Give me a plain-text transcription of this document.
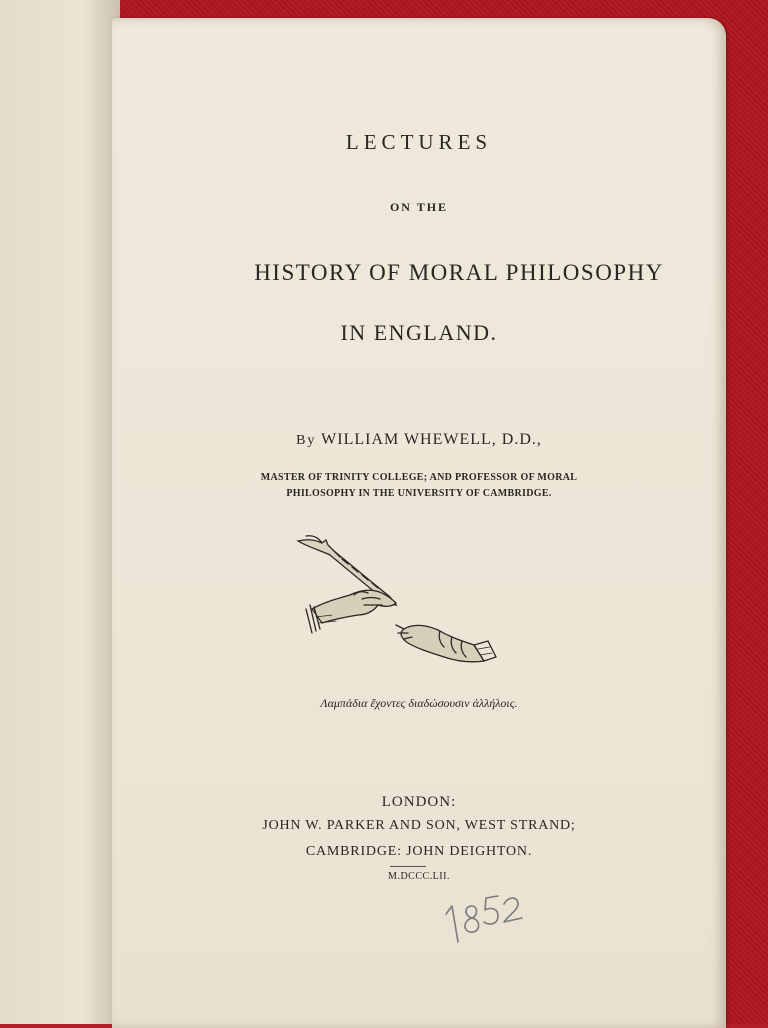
LECTURES
ON THE
HISTORY OF MORAL PHILOSOPHY
IN ENGLAND.
By WILLIAM WHEWELL, D.D.,
MASTER OF TRINITY COLLEGE; AND PROFESSOR OF MORAL
PHILOSOPHY IN THE UNIVERSITY OF CAMBRIDGE.
Λαμπάδια ἔχοντες διαδώσουσιν ἀλλήλοις.
LONDON:
JOHN W. PARKER AND SON, WEST STRAND;
CAMBRIDGE: JOHN DEIGHTON.
M.DCCC.LII.
